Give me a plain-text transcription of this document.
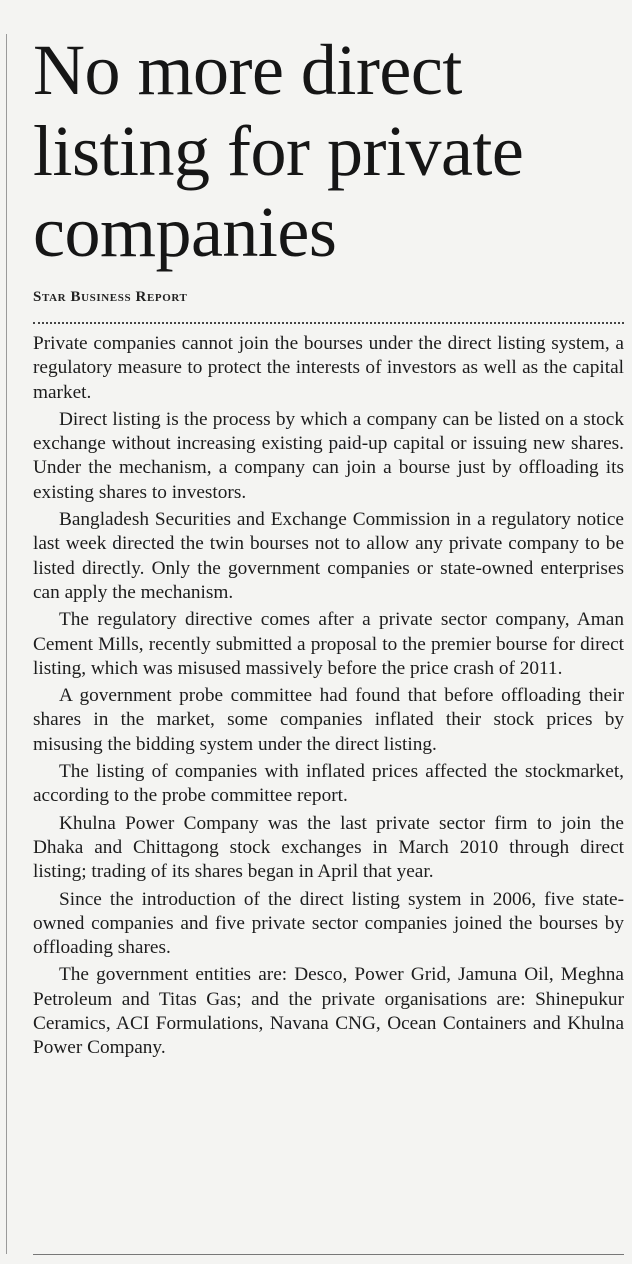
No more direct listing for private companies
Star Business Report

Private companies cannot join the bourses under the direct listing system, a regulatory measure to protect the interests of investors as well as the capital market.

Direct listing is the process by which a company can be listed on a stock exchange without increasing existing paid-up capital or issuing new shares. Under the mechanism, a company can join a bourse just by offloading its existing shares to investors.

Bangladesh Securities and Exchange Commission in a regulatory notice last week directed the twin bourses not to allow any private company to be listed directly. Only the government companies or state-owned enterprises can apply the mechanism.

The regulatory directive comes after a private sector company, Aman Cement Mills, recently submitted a proposal to the premier bourse for direct listing, which was misused massively before the price crash of 2011.

A government probe committee had found that before offloading their shares in the market, some companies inflated their stock prices by misusing the bidding system under the direct listing.

The listing of companies with inflated prices affected the stockmarket, according to the probe committee report.

Khulna Power Company was the last private sector firm to join the Dhaka and Chittagong stock exchanges in March 2010 through direct listing; trading of its shares began in April that year.

Since the introduction of the direct listing system in 2006, five state-owned companies and five private sector companies joined the bourses by offloading shares.

The government entities are: Desco, Power Grid, Jamuna Oil, Meghna Petroleum and Titas Gas; and the private organisations are: Shinepukur Ceramics, ACI Formulations, Navana CNG, Ocean Containers and Khulna Power Company.
